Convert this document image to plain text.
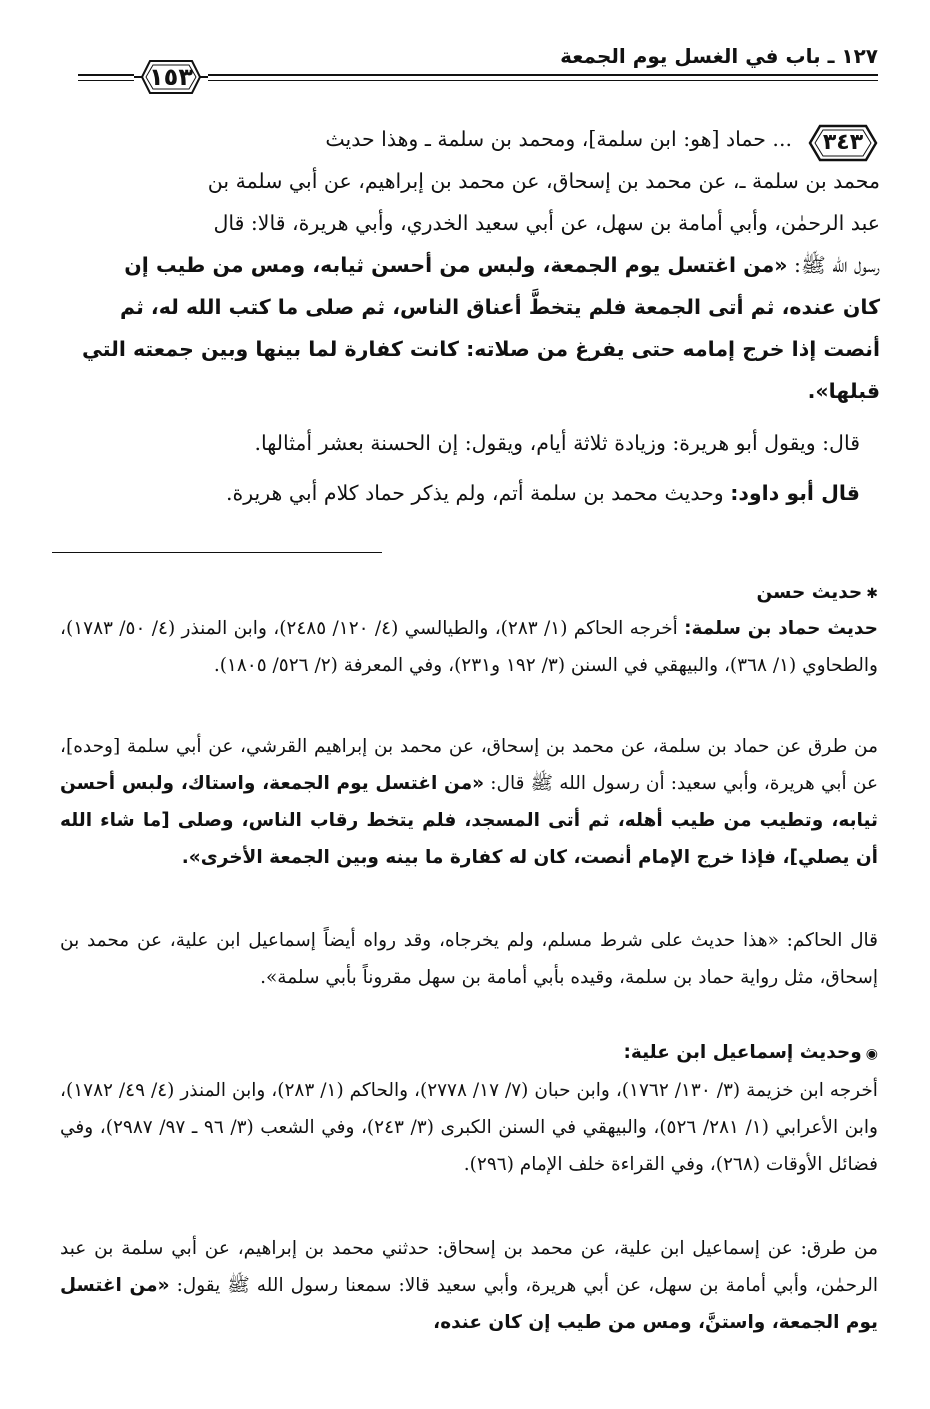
١٢٧ ـ باب في الغسل يوم الجمعة
١٥٣
٣٤٣
... حماد [هو: ابن سلمة]، ومحمد بن سلمة ـ وهذا حديث
محمد بن سلمة ـ، عن محمد بن إسحاق، عن محمد بن إبراهيم، عن أبي سلمة بن
عبد الرحمٰن، وأبي أمامة بن سهل، عن أبي سعيد الخدري، وأبي هريرة، قالا: قال
رسول الله ﷺ: «من اغتسل يوم الجمعة، ولبس من أحسن ثيابه، ومس من طيب إن
كان عنده، ثم أتى الجمعة فلم يتخطَّ أعناق الناس، ثم صلى ما كتب الله له، ثم
أنصت إذا خرج إمامه حتى يفرغ من صلاته: كانت كفارة لما بينها وبين جمعته التي
قبلها».
قال: ويقول أبو هريرة: وزيادة ثلاثة أيام، ويقول: إن الحسنة بعشر أمثالها.
قال أبو داود: وحديث محمد بن سلمة أتم، ولم يذكر حماد كلام أبي هريرة.
✱حديث حسن
حديث حماد بن سلمة: أخرجه الحاكم (١/ ٢٨٣)، والطيالسي (٤/ ١٢٠/ ٢٤٨٥)، وابن المنذر (٤/ ٥٠/ ١٧٨٣)، والطحاوي (١/ ٣٦٨)، والبيهقي في السنن (٣/ ١٩٢ و٢٣١)، وفي المعرفة (٢/ ٥٢٦/ ١٨٠٥).
من طرق عن حماد بن سلمة، عن محمد بن إسحاق، عن محمد بن إبراهيم القرشي، عن أبي سلمة [وحده]، عن أبي هريرة، وأبي سعيد: أن رسول الله ﷺ قال: «من اغتسل يوم الجمعة، واستاك، ولبس أحسن ثيابه، وتطيب من طيب أهله، ثم أتى المسجد، فلم يتخط رقاب الناس، وصلى [ما شاء الله أن يصلي]، فإذا خرج الإمام أنصت، كان له كفارة ما بينه وبين الجمعة الأخرى».
قال الحاكم: «هذا حديث على شرط مسلم، ولم يخرجاه، وقد رواه أيضاً إسماعيل ابن علية، عن محمد بن إسحاق، مثل رواية حماد بن سلمة، وقيده بأبي أمامة بن سهل مقروناً بأبي سلمة».
◉وحديث إسماعيل ابن علية:
أخرجه ابن خزيمة (٣/ ١٣٠/ ١٧٦٢)، وابن حبان (٧/ ١٧/ ٢٧٧٨)، والحاكم (١/ ٢٨٣)، وابن المنذر (٤/ ٤٩/ ١٧٨٢)، وابن الأعرابي (١/ ٢٨١/ ٥٢٦)، والبيهقي في السنن الكبرى (٣/ ٢٤٣)، وفي الشعب (٣/ ٩٦ ـ ٩٧/ ٢٩٨٧)، وفي فضائل الأوقات (٢٦٨)، وفي القراءة خلف الإمام (٢٩٦).
من طرق: عن إسماعيل ابن علية، عن محمد بن إسحاق: حدثني محمد بن إبراهيم، عن أبي سلمة بن عبد الرحمٰن، وأبي أمامة بن سهل، عن أبي هريرة، وأبي سعيد قالا: سمعنا رسول الله ﷺ يقول: «من اغتسل يوم الجمعة، واستنَّ، ومس من طيب إن كان عنده،
